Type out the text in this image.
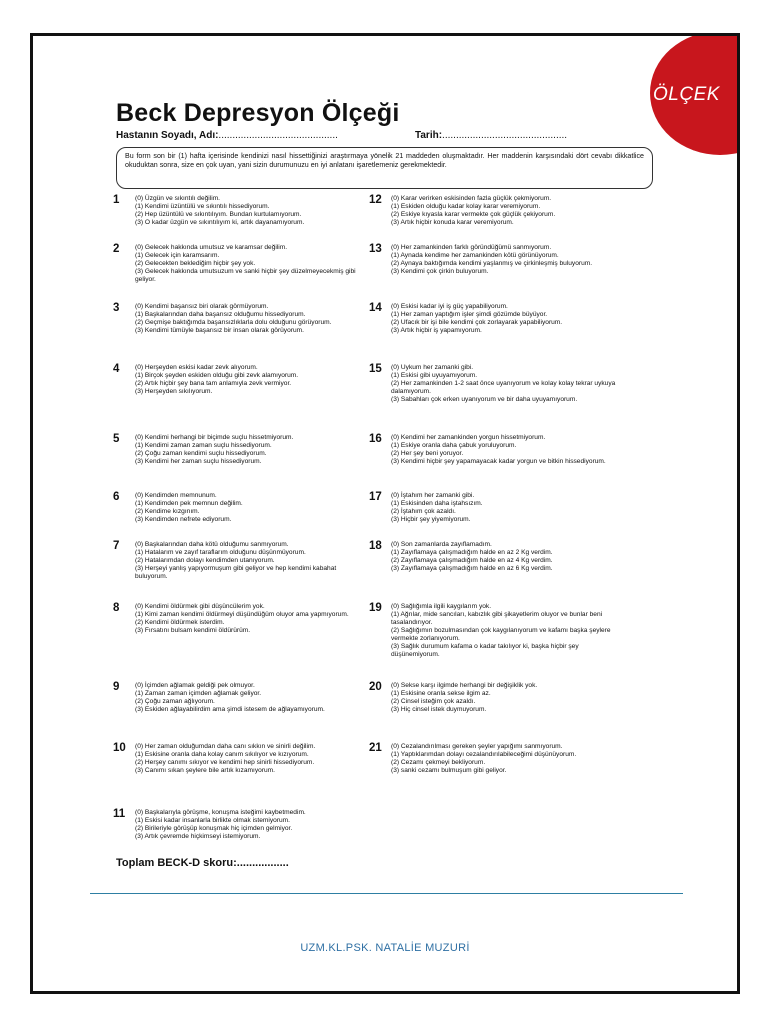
ÖLÇEK
Beck Depresyon Ölçeği
Hastanın Soyadı, Adı:...........................................	Tarih:.............................................
Bu form son bir (1) hafta içerisinde kendinizi nasıl hissettiğinizi araştırmaya yönelik 21 maddeden oluşmaktadır. Her maddenin karşısındaki dört cevabı dikkatlice okuduktan sonra, size en çok uyan, yani sizin durumunuzu en iyi anlatanı işaretlemeniz gerekmektedir.
1 (0) Üzgün ve sıkıntılı değilim.

(1) Kendimi üzüntülü ve sıkıntılı hissediyorum.

(2) Hep üzüntülü ve sıkıntılıyım. Bundan kurtulamıyorum.

(3) O kadar üzgün ve sıkıntılıyım ki, artık dayanamıyorum.

2 (0) Gelecek hakkında umutsuz ve karamsar değilim.

(1) Gelecek için karamsarım.

(2) Gelecekten beklediğim hiçbir şey yok.

(3) Gelecek hakkında umutsuzum ve sanki hiçbir şey düzelmeyecekmiş gibi geliyor.

3 (0) Kendimi başarısız biri olarak görmüyorum.

(1) Başkalarından daha başarısız olduğumu hissediyorum.

(2) Geçmişe baktığımda başarısızlıklarla dolu olduğunu görüyorum.

(3) Kendimi tümüyle başarısız bir insan olarak görüyorum.

4 (0) Herşeyden eskisi kadar zevk alıyorum.

(1) Birçok şeyden eskiden olduğu gibi zevk alamıyorum.

(2) Artık hiçbir şey bana tam anlamıyla zevk vermiyor.

(3) Herşeyden sıkılıyorum.

5 (0) Kendimi herhangi bir biçimde suçlu hissetmiyorum.

(1) Kendimi zaman zaman suçlu hissediyorum.

(2) Çoğu zaman kendimi suçlu hissediyorum.

(3) Kendimi her zaman suçlu hissediyorum.

6 (0) Kendimden memnunum.

(1) Kendimden pek memnun değilim.

(2) Kendime kızgınım.

(3) Kendimden nefrete ediyorum.

7 (0) Başkalarından daha kötü olduğumu sanmıyorum.

(1) Hatalarım ve zayıf taraflarım olduğunu düşünmüyorum.

(2) Hatalarımdan dolayı kendimden utanıyorum.

(3) Herşeyi yanlış yapıyormuşum gibi geliyor ve hep kendimi kabahat buluyorum.

8 (0) Kendimi öldürmek gibi düşüncülerim yok.

(1) Kimi zaman kendimi öldürmeyi düşündüğüm oluyor ama yapmıyorum.

(2) Kendimi öldürmek isterdim.

(3) Fırsatını bulsam kendimi öldürürüm.

9 (0) İçimden ağlamak geldiği pek olmuyor.

(1) Zaman zaman içimden ağlamak geliyor.

(2) Çoğu zaman ağlıyorum.

(3) Eskiden ağlayabilirdim ama şimdi istesem de ağlayamıyorum.

10 (0) Her zaman olduğumdan daha canı sıkkın ve sinirli değilim.

(1) Eskisine oranla daha kolay canım sıkılıyor ve kızıyorum.

(2) Herşey canımı sıkıyor ve kendimi hep sinirli hissediyorum.

(3) Canımı sıkan şeylere bile artık kızamıyorum.

11 (0) Başkalarıyla görüşme, konuşma isteğimi kaybetmedim.

(1) Eskisi kadar insanlarla birlikte olmak istemiyorum.

(2) Birileriyle görüşüp konuşmak hiç içimden gelmiyor.

(3) Artık çevremde hiçkimseyi istemiyorum.

12 (0) Karar verirken eskisinden fazla güçlük çekmiyorum.

(1) Eskiden olduğu kadar kolay karar veremiyorum.

(2) Eskiye kıyasla karar vermekte çok güçlük çekiyorum.

(3) Artık hiçbir konuda karar veremiyorum.

13 (0) Her zamankinden farklı göründüğümü sanmıyorum.

(1) Aynada kendime her zamankinden kötü görünüyorum.

(2) Aynaya baktığımda kendimi yaşlanmış ve çirkinleşmiş buluyorum.

(3) Kendimi çok çirkin buluyorum.

14 (0) Eskisi kadar iyi iş güç yapabiliyorum.

(1) Her zaman yaptığım işler şimdi gözümde büyüyor.

(2) Ufacık bir işi bile kendimi çok zorlayarak yapabiliyorum.

(3) Artık hiçbir iş yapamıyorum.

15 (0) Uykum her zamanki gibi.

(1) Eskisi gibi uyuyamıyorum.

(2) Her zamankinden 1-2 saat önce uyanıyorum ve kolay kolay tekrar uykuya dalamıyorum.

(3) Sabahları çok erken uyanıyorum ve bir daha uyuyamıyorum.

16 (0) Kendimi her zamankinden yorgun hissetmiyorum.

(1) Eskiye oranla daha çabuk yoruluyorum.

(2) Her şey beni yoruyor.

(3) Kendimi hiçbir şey yapamayacak kadar yorgun ve bitkin hissediyorum.

17 (0) İştahım her zamanki gibi.

(1) Eskisinden daha iştahsızım.

(2) İştahım çok azaldı.

(3) Hiçbir şey yiyemiyorum.

18 (0) Son zamanlarda zayıflamadım.

(1) Zayıflamaya çalışmadığım halde en az 2 Kg verdim.

(2) Zayıflamaya çalışmadığım halde en az 4 Kg verdim.

(3) Zayıflamaya çalışmadığım halde en az 6 Kg verdim.

19 (0) Sağlığımla ilgili kaygılarım yok.

(1) Ağrılar, mide sancıları, kabızlık gibi şikayetlerim oluyor ve bunlar beni tasalandırıyor.

(2) Sağlığımın bozulmasından çok kaygılanıyorum ve kafamı başka şeylere vermekte zorlanıyorum.

(3) Sağlık durumum kafama o kadar takılıyor ki, başka hiçbir şey düşünemiyorum.

20 (0) Sekse karşı ilgimde herhangi bir değişiklik yok.

(1) Eskisine oranla sekse ilgim az.

(2) Cinsel isteğim çok azaldı.

(3) Hiç cinsel istek duymuyorum.

21 (0) Cezalandırılması gereken şeyler yapığımı sanmıyorum.

(1) Yaptıklarımdan dolayı cezalandırılabileceğimi düşünüyorum.

(2) Cezamı çekmeyi bekliyorum.

(3) sanki cezamı bulmuşum gibi geliyor.

Toplam BECK-D skoru:.................
UZM.KL.PSK. NATALİE MUZURİ
